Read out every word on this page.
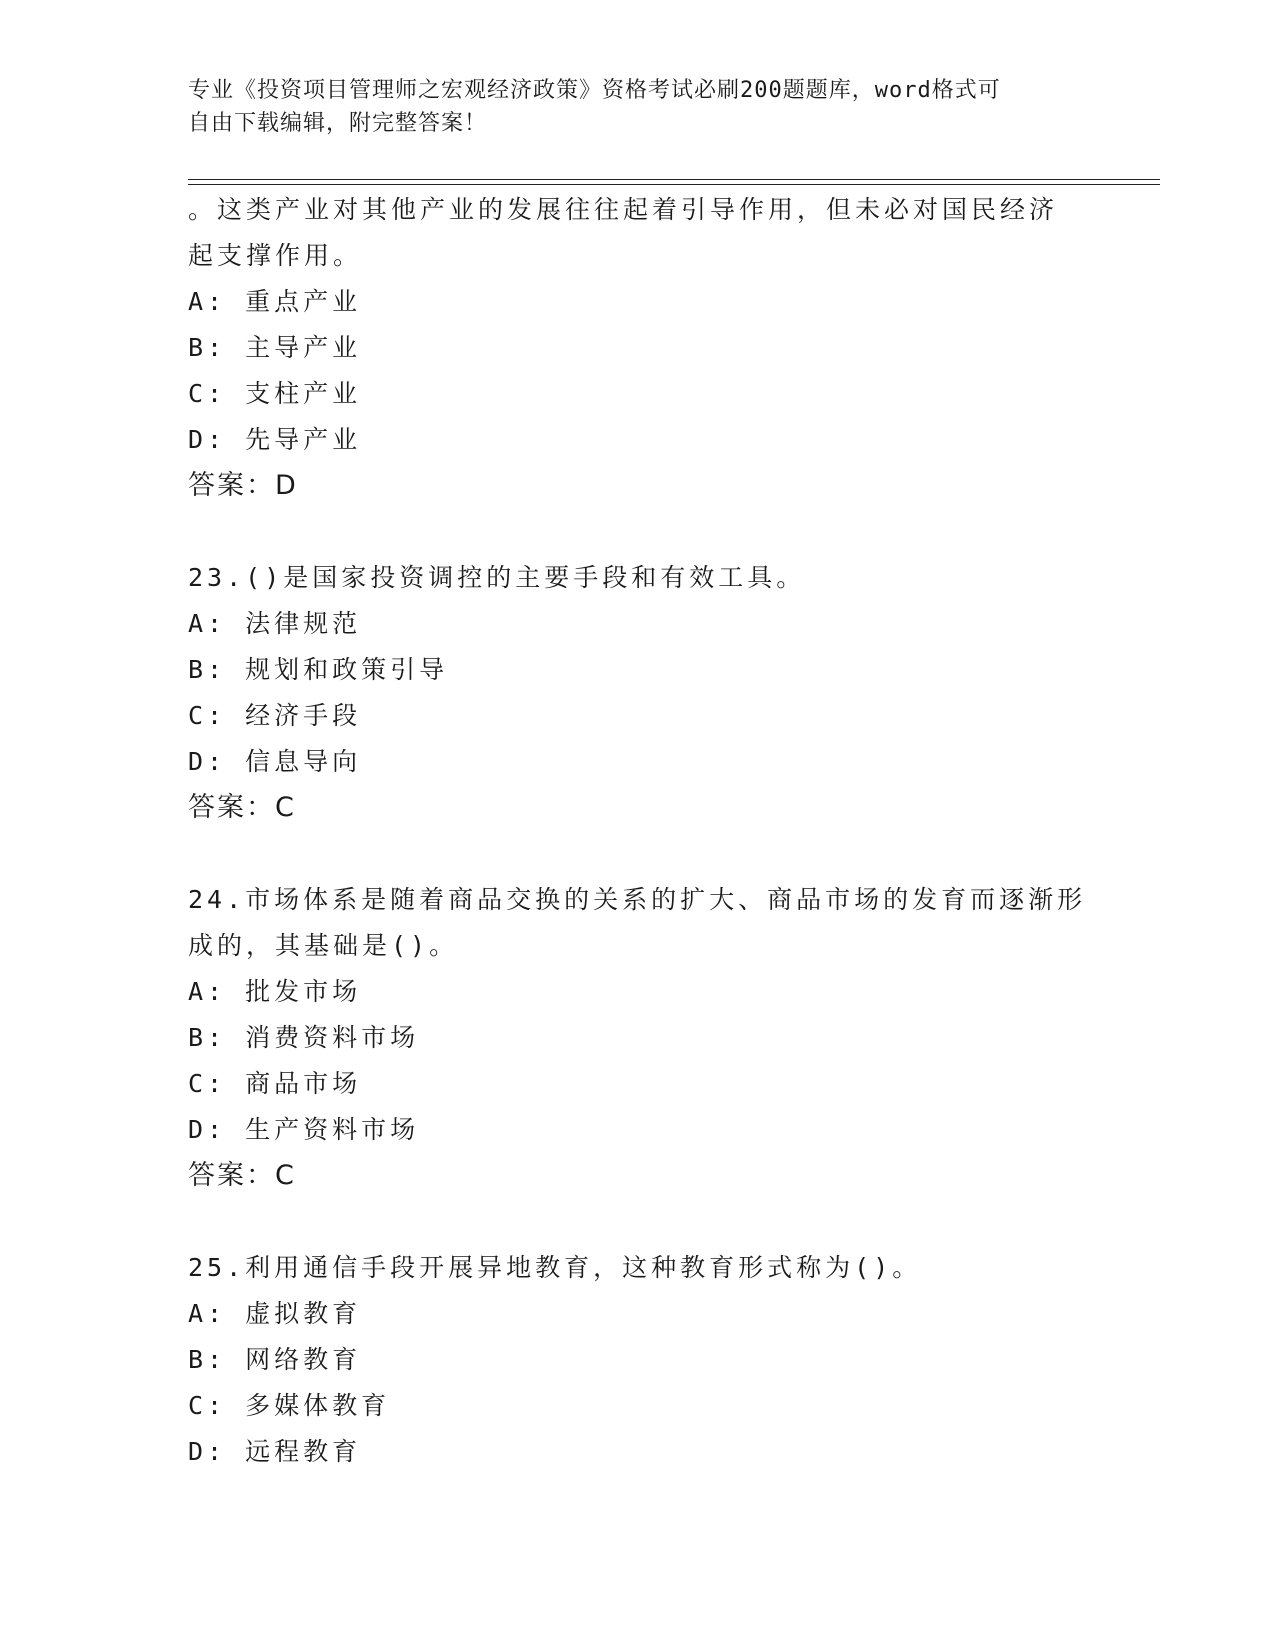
专业《投资项目管理师之宏观经济政策》资格考试必刷200题题库，word格式可
自由下载编辑，附完整答案！
。这类产业对其他产业的发展往往起着引导作用，但未必对国民经济
起支撑作用。
A: 重点产业
B: 主导产业
C: 支柱产业
D: 先导产业
答案：D
23.()是国家投资调控的主要手段和有效工具。
A: 法律规范
B: 规划和政策引导
C: 经济手段
D: 信息导向
答案：C
24.市场体系是随着商品交换的关系的扩大、商品市场的发育而逐渐形
成的，其基础是()。
A: 批发市场
B: 消费资料市场
C: 商品市场
D: 生产资料市场
答案：C
25.利用通信手段开展异地教育，这种教育形式称为()。
A: 虚拟教育
B: 网络教育
C: 多媒体教育
D: 远程教育
